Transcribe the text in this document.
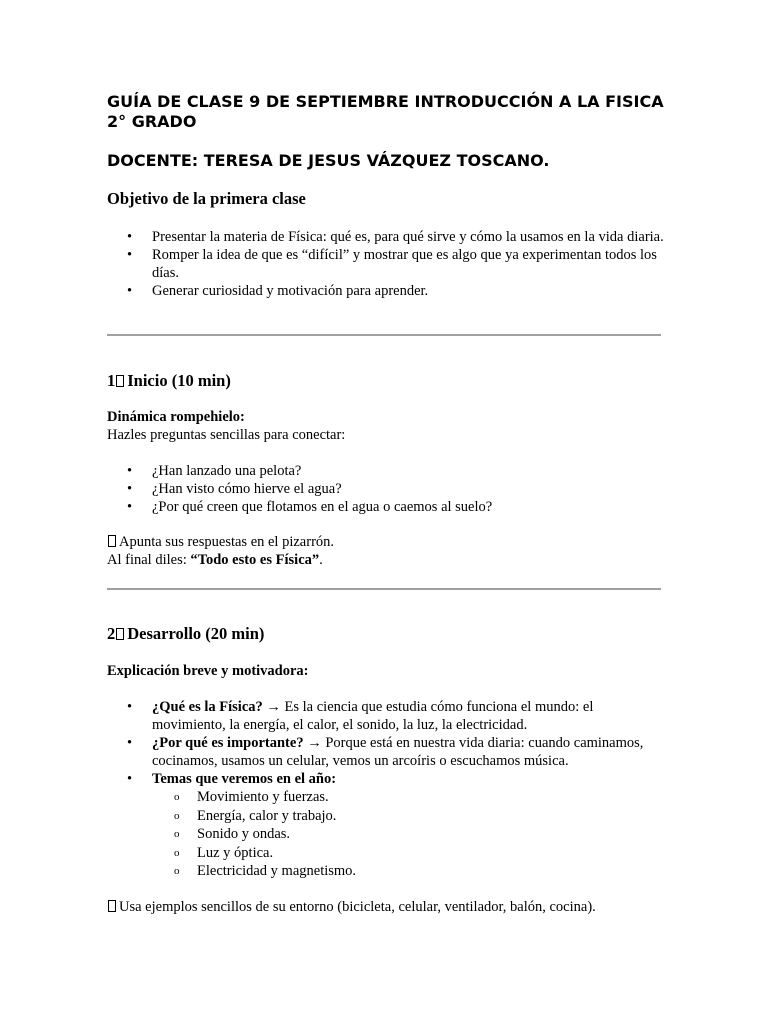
GUÍA DE CLASE 9 DE SEPTIEMBRE INTRODUCCIÓN A LA FISICA 2° GRADO
DOCENTE: TERESA DE JESUS VÁZQUEZ TOSCANO.
Objetivo de la primera clase
• Presentar la materia de Física: qué es, para qué sirve y cómo la usamos en la vida diaria.
• Romper la idea de que es “difícil” y mostrar que es algo que ya experimentan todos los días.
• Generar curiosidad y motivación para aprender.
1 Inicio (10 min)

Dinámica rompehielo:

Hazles preguntas sencillas para conectar:

• ¿Han lanzado una pelota?
• ¿Han visto cómo hierve el agua?
• ¿Por qué creen que flotamos en el agua o caemos al suelo?

Apunta sus respuestas en el pizarrón.

Al final diles: “Todo esto es Física”.

2 Desarrollo (20 min)

Explicación breve y motivadora:

• ¿Qué es la Física? → Es la ciencia que estudia cómo funciona el mundo: el movimiento, la energía, el calor, el sonido, la luz, la electricidad.
• ¿Por qué es importante? → Porque está en nuestra vida diaria: cuando caminamos, cocinamos, usamos un celular, vemos un arcoíris o escuchamos música.
• Temas que veremos en el año:
o Movimiento y fuerzas.
o Energía, calor y trabajo.
o Sonido y ondas.
o Luz y óptica.
o Electricidad y magnetismo.

Usa ejemplos sencillos de su entorno (bicicleta, celular, ventilador, balón, cocina).
